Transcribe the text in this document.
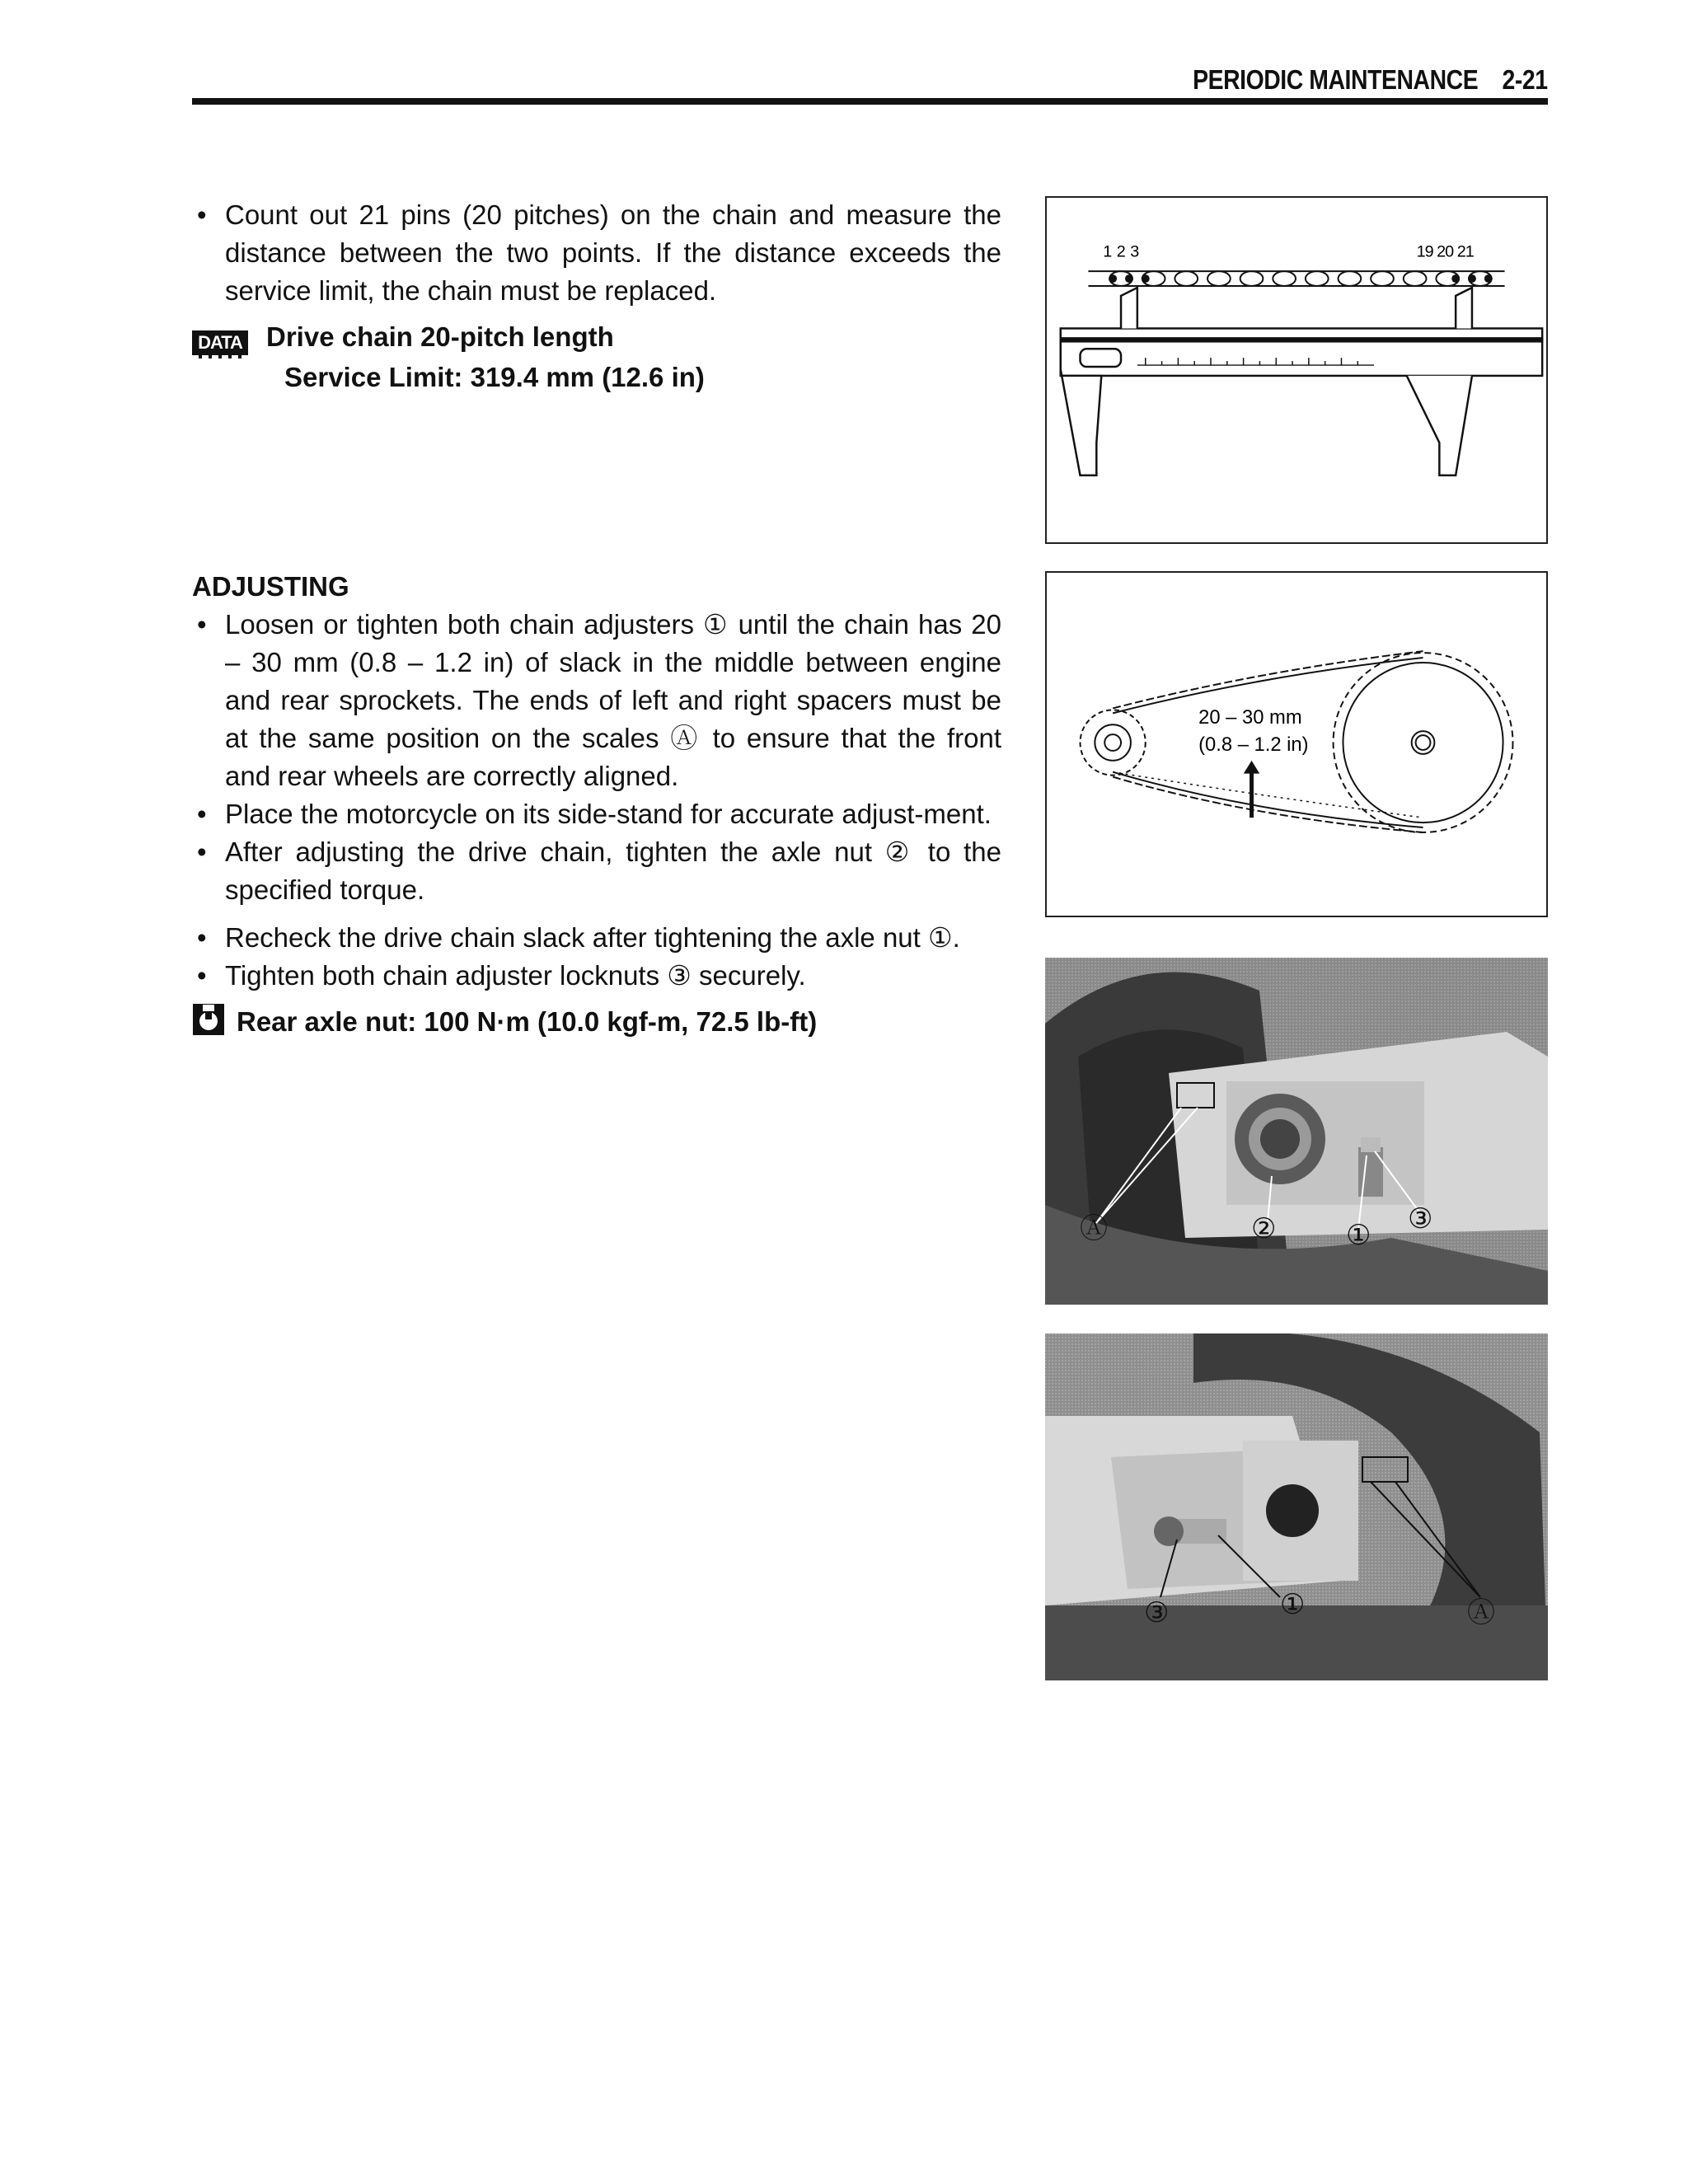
PERIODIC MAINTENANCE 2-21
• Count out 21 pins (20 pitches) on the chain and measure the distance between the two points. If the distance exceeds the service limit, the chain must be replaced.
DATA Drive chain 20-pitch length
Service Limit: 319.4 mm (12.6 in)
ADJUSTING
• Loosen or tighten both chain adjusters ① until the chain has 20 – 30 mm (0.8 – 1.2 in) of slack in the middle between engine and rear sprockets. The ends of left and right spacers must be at the same position on the scales Ⓐ to ensure that the front and rear wheels are correctly aligned.
• Place the motorcycle on its side-stand for accurate adjust-ment.
• After adjusting the drive chain, tighten the axle nut ② to the specified torque.
• Recheck the drive chain slack after tightening the axle nut ①.
• Tighten both chain adjuster locknuts ③ securely.
Rear axle nut: 100 N·m (10.0 kgf-m, 72.5 lb-ft)
1 2 3	19 20 21
20 – 30 mm
(0.8 – 1.2 in)
Ⓐ	② ①
③
③	①	Ⓐ
